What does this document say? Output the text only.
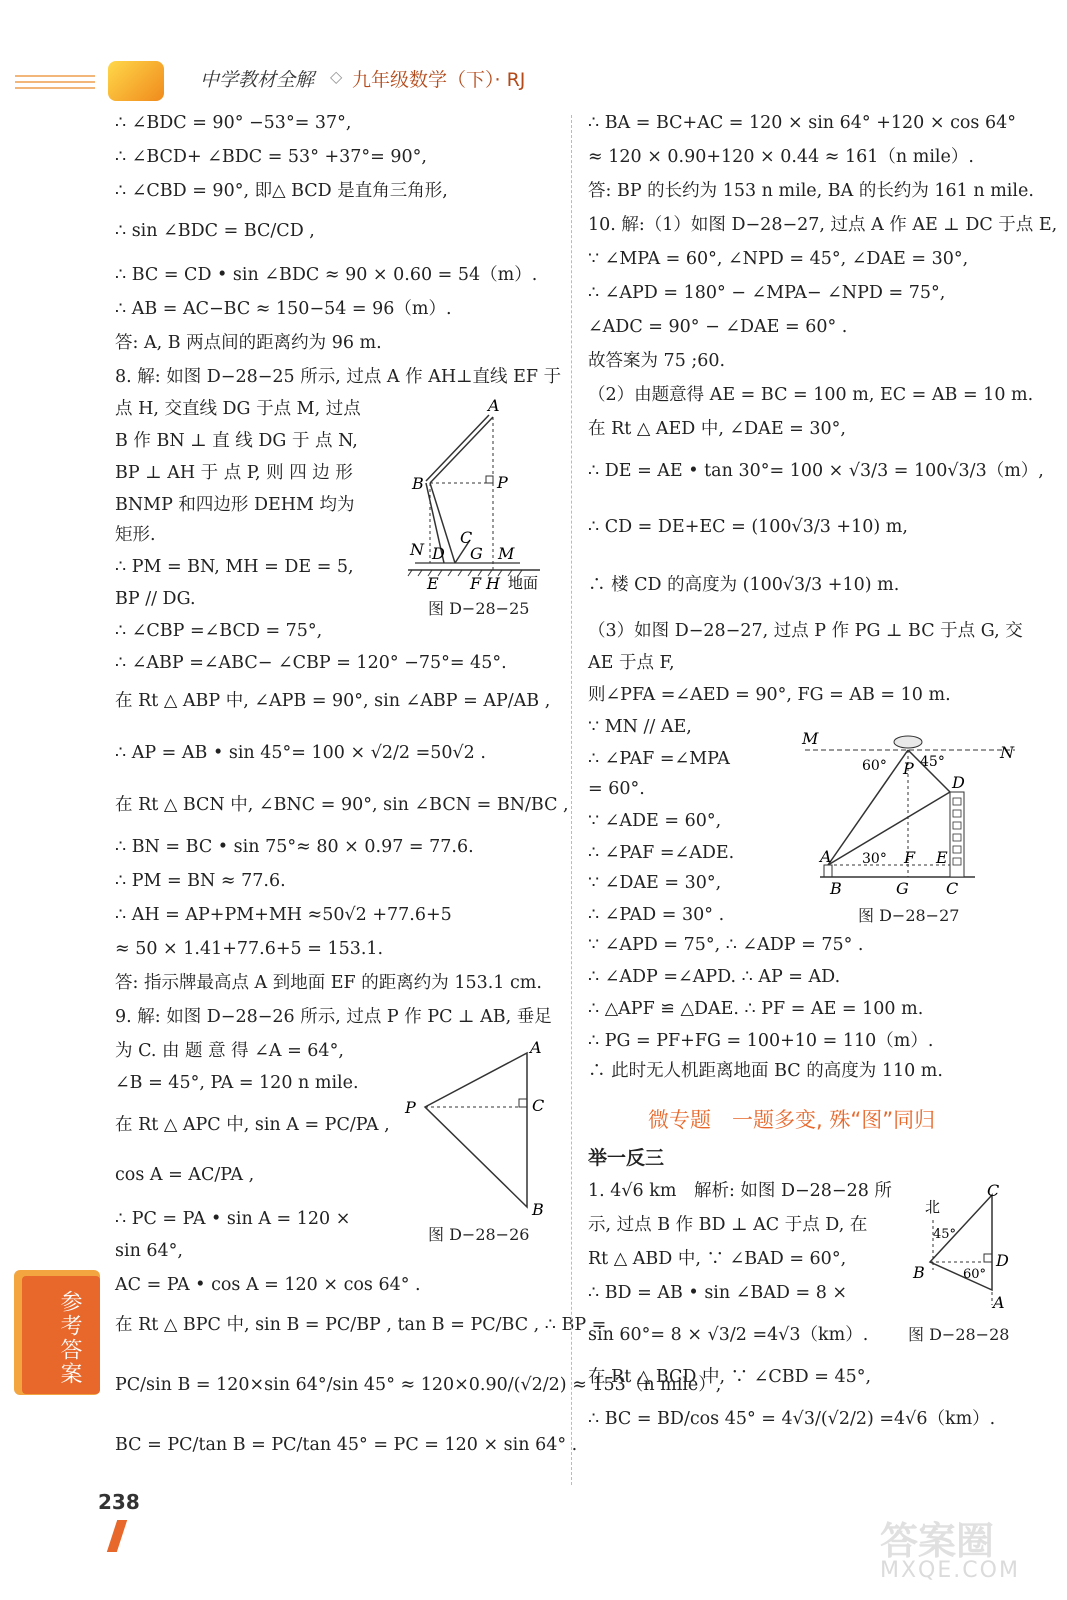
中学教材全解 ◇ 九年级数学（下）· RJ
∴ ∠BDC = 90° −53°= 37°,
∴ ∠BCD+ ∠BDC = 53° +37°= 90°,
∴ ∠CBD = 90°, 即△ BCD 是直角三角形,
∴ sin ∠BDC = BC/CD ,
∴ BC = CD • sin ∠BDC ≈ 90 × 0.60 = 54（m）.
∴ AB = AC−BC ≈ 150−54 = 96（m）.
答: A, B 两点间的距离约为 96 m.
8. 解: 如图 D−28−25 所示, 过点 A 作 AH⊥直线 EF 于
点 H, 交直线 DG 于点 M, 过点
B 作 BN ⊥ 直 线 DG 于 点 N,
BP ⊥ AH 于 点 P, 则 四 边 形
BNMP 和四边形 DEHM 均为
矩形.
∴ PM = BN, MH = DE = 5,
BP // DG.
∴ ∠CBP =∠BCD = 75°,
∴ ∠ABP =∠ABC− ∠CBP = 120° −75°= 45°.
在 Rt △ ABP 中, ∠APB = 90°, sin ∠ABP = AP/AB ,
∴ AP = AB • sin 45°= 100 × √2/2 =50√2 .
在 Rt △ BCN 中, ∠BNC = 90°, sin ∠BCN = BN/BC ,
∴ BN = BC • sin 75°≈ 80 × 0.97 = 77.6.
∴ PM = BN ≈ 77.6.
∴ AH = AP+PM+MH ≈50√2 +77.6+5
≈ 50 × 1.41+77.6+5 = 153.1.
答: 指示牌最高点 A 到地面 EF 的距离约为 153.1 cm.
9. 解: 如图 D−28−26 所示, 过点 P 作 PC ⊥ AB, 垂足
为 C. 由 题 意 得 ∠A = 64°,
∠B = 45°, PA = 120 n mile.
在 Rt △ APC 中, sin A = PC/PA ,
cos A = AC/PA ,
∴ PC = PA • sin A = 120 ×
sin 64°,
AC = PA • cos A = 120 × cos 64° .
在 Rt △ BPC 中, sin B = PC/BP , tan B = PC/BC , ∴ BP =
PC/sin B = 120×sin 64°/sin 45° ≈ 120×0.90/(√2/2) ≈ 153（n mile）,
BC = PC/tan B = PC/tan 45° = PC = 120 × sin 64° .
A
B	P
C
N D G M
E F H 地面
图 D−28−25
A
P	C
B
图 D−28−26
∴ BA = BC+AC = 120 × sin 64° +120 × cos 64°
≈ 120 × 0.90+120 × 0.44 ≈ 161（n mile）.
答: BP 的长约为 153 n mile, BA 的长约为 161 n mile.
10. 解:（1）如图 D−28−27, 过点 A 作 AE ⊥ DC 于点 E,
∵ ∠MPA = 60°, ∠NPD = 45°, ∠DAE = 30°,
∴ ∠APD = 180° − ∠MPA− ∠NPD = 75°,
∠ADC = 90° − ∠DAE = 60° .
故答案为 75 ;60.
（2）由题意得 AE = BC = 100 m, EC = AB = 10 m.
在 Rt △ AED 中, ∠DAE = 30°,
∴ DE = AE • tan 30°= 100 × √3/3 = 100√3/3（m）,
∴ CD = DE+EC = (100√3/3 +10) m,
∴ 楼 CD 的高度为 (100√3/3 +10) m.
（3）如图 D−28−27, 过点 P 作 PG ⊥ BC 于点 G, 交
AE 于点 F,
则∠PFA =∠AED = 90°, FG = AB = 10 m.
∵ MN // AE,
∴ ∠PAF =∠MPA
= 60°.
∵ ∠ADE = 60°,
∴ ∠PAF =∠ADE.
∵ ∠DAE = 30°,
∴ ∠PAD = 30° .
∵ ∠APD = 75°, ∴ ∠ADP = 75° .
∴ ∠ADP =∠APD. ∴ AP = AD.
∴ △APF ≌ △DAE. ∴ PF = AE = 100 m.
∴ PG = PF+FG = 100+10 = 110（m）.
∴ 此时无人机距离地面 BC 的高度为 110 m.
M
N
P
60° 45°
D
A 30° F E
B	G C
图 D−28−27
微专题　一题多变, 殊“图”同归
举一反三
1. 4√6 km　解析: 如图 D−28−28 所
示, 过点 B 作 BD ⊥ AC 于点 D, 在
Rt △ ABD 中, ∵ ∠BAD = 60°,
∴ BD = AB • sin ∠BAD = 8 ×
sin 60°= 8 × √3/2 =4√3（km）.
在 Rt △ BCD 中, ∵ ∠CBD = 45°,
∴ BC = BD/cos 45° = 4√3/(√2/2) =4√6（km）.
北
C
45°
B
D
60°
A
图 D−28−28
参考答案
238
答案圈
MXQE.COM
